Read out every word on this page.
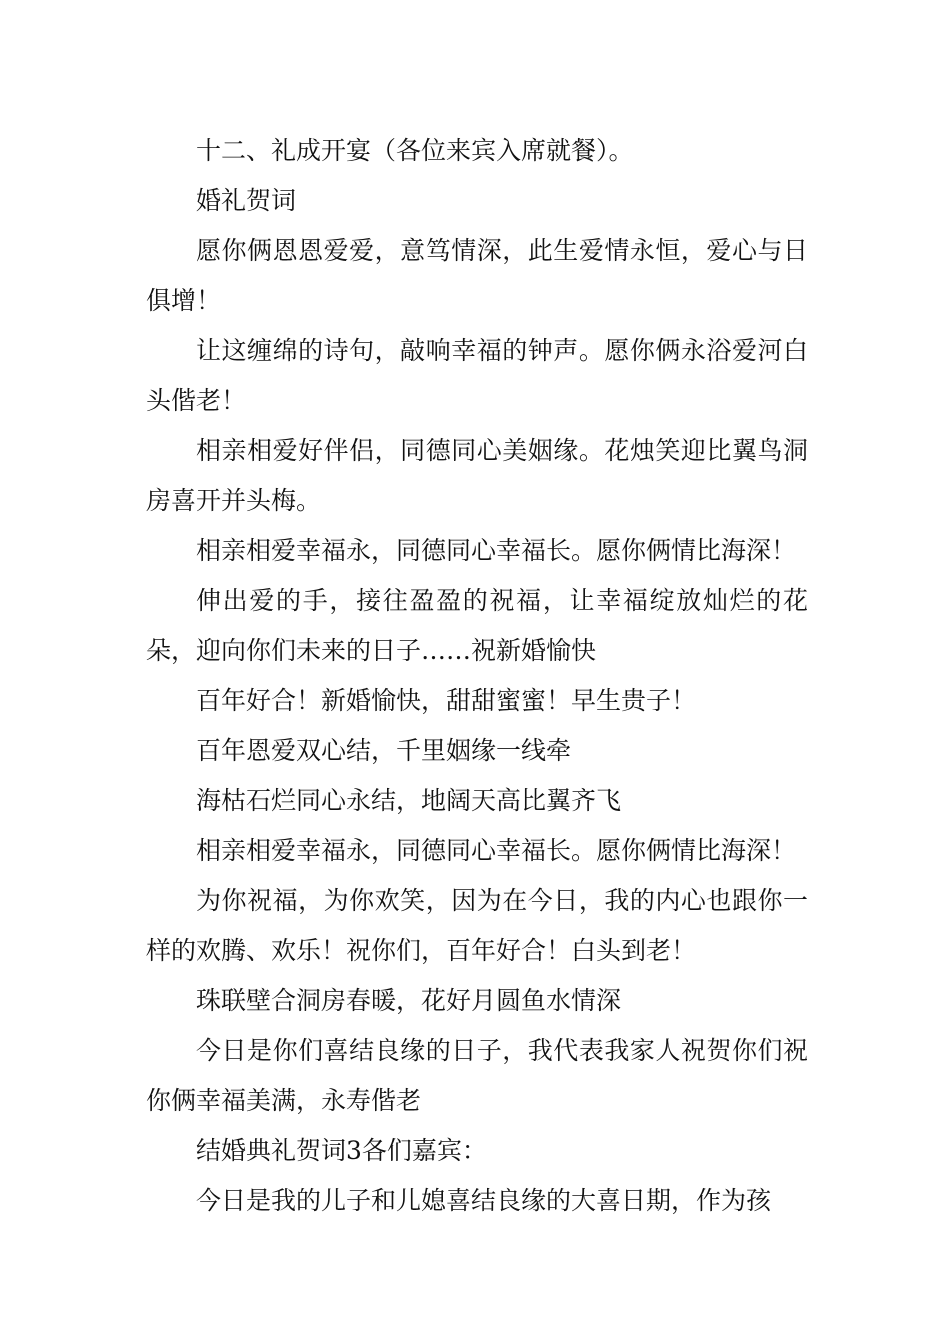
十二、礼成开宴（各位来宾入席就餐）。

婚礼贺词

愿你俩恩恩爱爱，意笃情深，此生爱情永恒，爱心与日俱增！

让这缠绵的诗句，敲响幸福的钟声。愿你俩永浴爱河白头偕老！

相亲相爱好伴侣，同德同心美姻缘。花烛笑迎比翼鸟洞房喜开并头梅。

相亲相爱幸福永，同德同心幸福长。愿你俩情比海深！

伸出爱的手，接往盈盈的祝福，让幸福绽放灿烂的花朵，迎向你们未来的日子……祝新婚愉快

百年好合！新婚愉快，甜甜蜜蜜！早生贵子！

百年恩爱双心结，千里姻缘一线牵

海枯石烂同心永结，地阔天高比翼齐飞

相亲相爱幸福永，同德同心幸福长。愿你俩情比海深！

为你祝福，为你欢笑，因为在今日，我的内心也跟你一样的欢腾、欢乐！祝你们，百年好合！白头到老！

珠联壁合洞房春暖，花好月圆鱼水情深

今日是你们喜结良缘的日子，我代表我家人祝贺你们祝你俩幸福美满，永寿偕老

结婚典礼贺词3各们嘉宾：

今日是我的儿子和儿媳喜结良缘的大喜日期，作为孩
